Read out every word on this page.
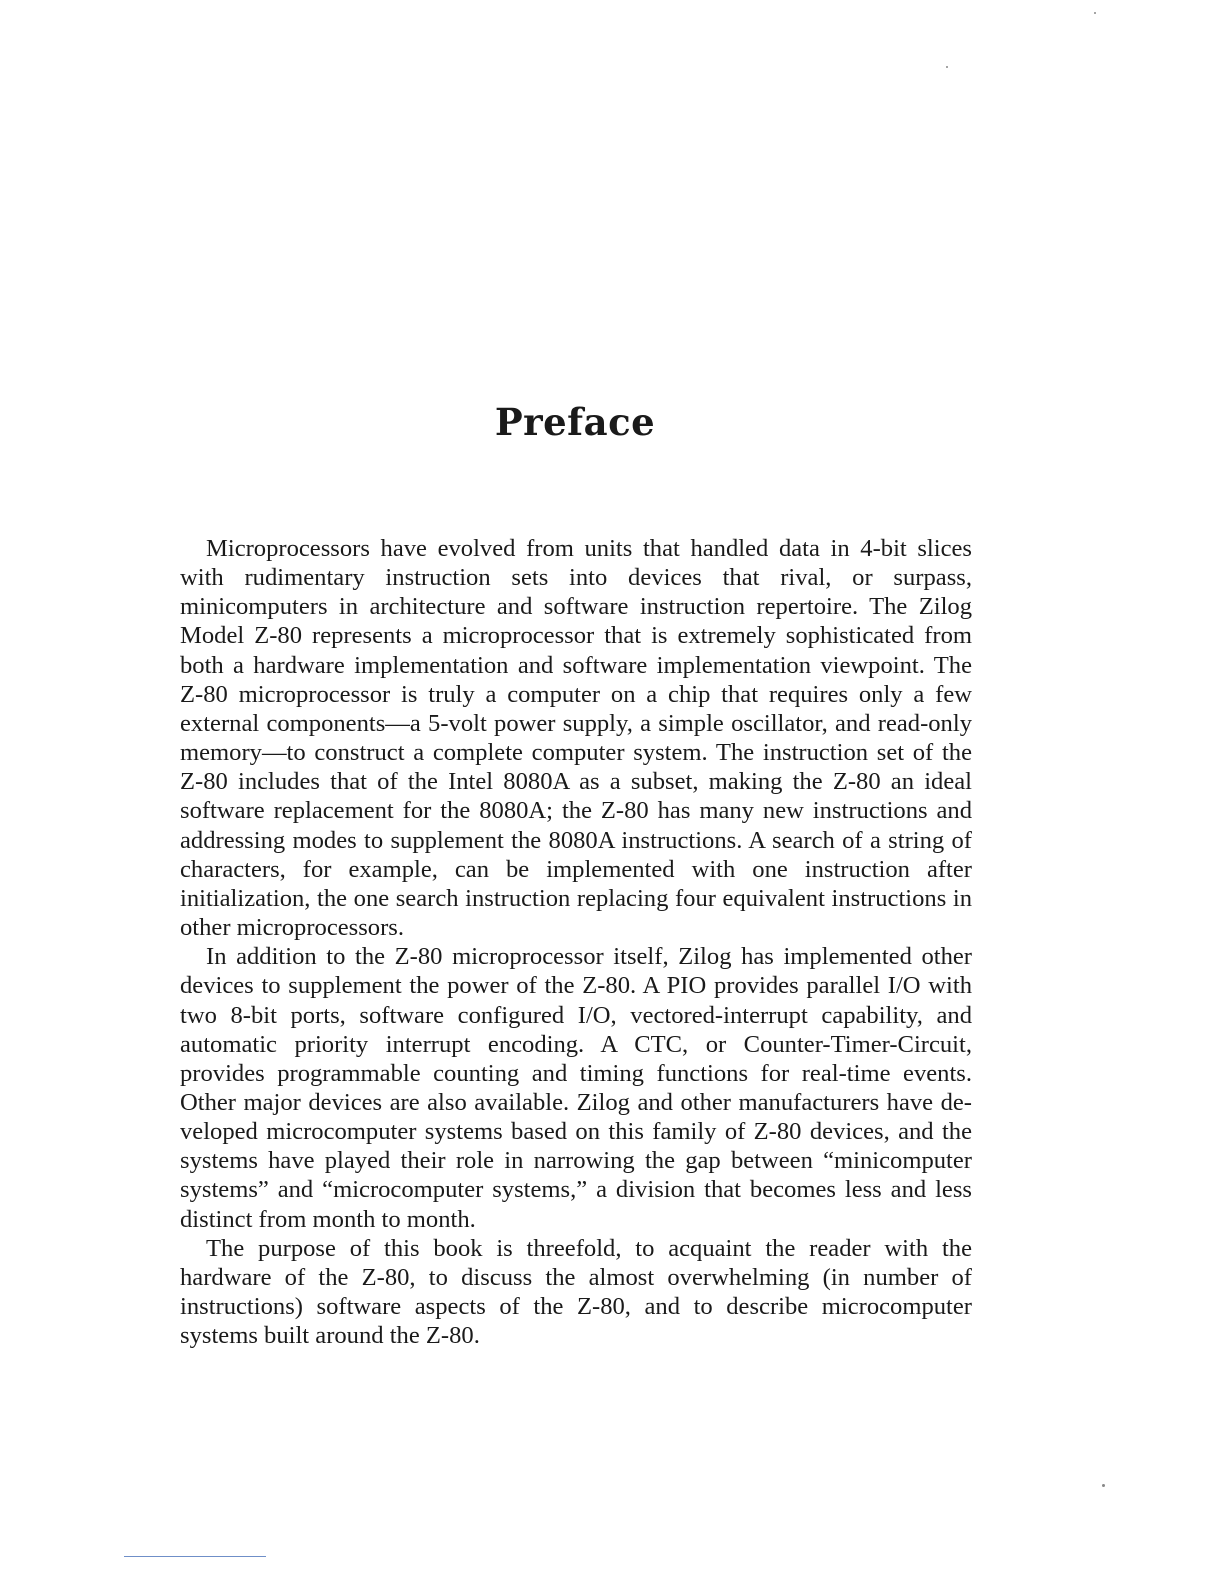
Preface

Microprocessors have evolved from units that handled data in 4-bit slices with rudimentary instruction sets into devices that rival, or surpass, minicomputers in architecture and software instruction repertoire. The Zilog Model Z-80 represents a microprocessor that is extremely sophisticated from both a hardware implementation and software implementation viewpoint. The Z-80 microprocessor is truly a computer on a chip that requires only a few external components—a 5-volt power supply, a simple oscillator, and read-only memory—to construct a complete computer system. The instruction set of the Z-80 includes that of the Intel 8080A as a subset, making the Z-80 an ideal software replacement for the 8080A; the Z-80 has many new instructions and addressing modes to supplement the 8080A instructions. A search of a string of characters, for example, can be implemented with one instruction after initialization, the one search instruction replacing four equivalent instructions in other microprocessors.

In addition to the Z-80 microprocessor itself, Zilog has implemented other devices to supplement the power of the Z-80. A PIO provides parallel I/O with two 8-bit ports, software configured I/O, vectored-interrupt capability, and automatic priority interrupt encoding. A CTC, or Counter-Timer-Circuit, provides programmable counting and timing functions for real-time events. Other major devices are also available. Zilog and other manufacturers have developed microcomputer systems based on this family of Z-80 devices, and the systems have played their role in narrowing the gap between “minicomputer systems” and “microcomputer systems,” a division that becomes less and less distinct from month to month.

The purpose of this book is threefold, to acquaint the reader with the hardware of the Z-80, to discuss the almost overwhelming (in number of instructions) software aspects of the Z-80, and to describe microcomputer systems built around the Z-80.
